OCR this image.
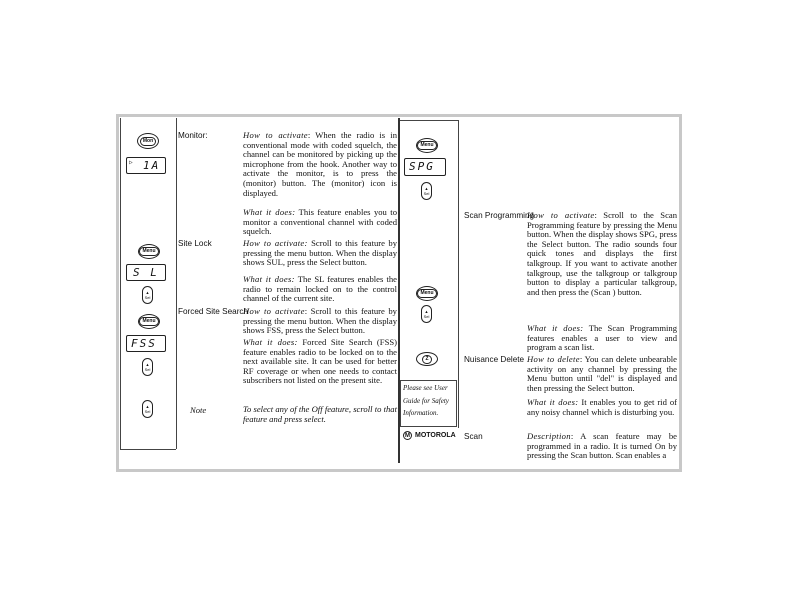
Mon
▷ 1A
Menu
S L
▲
Sel
Menu
FSS
▲
Sel
▲
Sel
Monitor:
Site Lock
Forced Site Search
How to activate: When the radio is in conventional mode with coded squelch, the channel can be monitored by picking up the microphone from the hook. Another way to activate the monitor, is to press the (monitor) button. The (monitor) icon is displayed.
What it does: This feature enables you to monitor a conventional channel with coded squelch.
How to activate: Scroll to this feature by pressing the menu button. When the display shows SUL, press the Select button.
What it does: The SL features enables the radio to remain locked on to the control channel of the current site.
How to activate: Scroll to this feature by pressing the menu button. When the display shows FSS, press the Select button.
What it does: Forced Site Search (FSS) feature enables radio to be locked on to the next available site. It can be used for better RF coverage or when one needs to contact subscribers not listed on the present site.
Note	To select any of the Off feature, scroll to that feature and press select.
Menu
SPG
▲
Sel
Menu
▲
Sel
Z
Please see User
Guide for Safety
Information.
M MOTOROLA
Scan Programming
Nuisance Delete
Scan
How to activate: Scroll to the Scan Programming feature by pressing the Menu button. When the display shows SPG, press the Select button. The radio sounds four quick tones and displays the first talkgroup. If you want to activate another talkgroup, use the talkgroup or talkgroup button to display a particular talkgroup, and then press the (Scan ) button.
What it does: The Scan Programming features enables a user to view and program a scan list.
How to delete: You can delete unbearable activity on any channel by pressing the Menu button until "del" is displayed and then pressing the Select button.
What it does: It enables you to get rid of any noisy channel which is disturbing you.
Description: A scan feature may be programmed in a radio. It is turned On by pressing the Scan button. Scan enables a
